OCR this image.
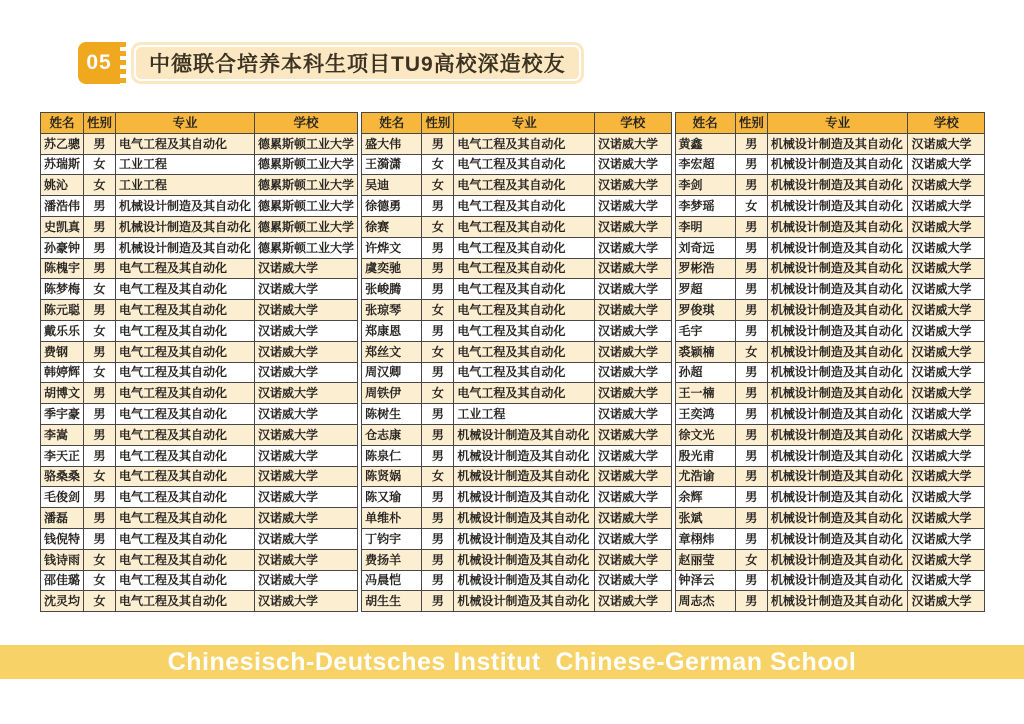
05	中德联合培养本科生项目TU9高校深造校友
姓名	性别	专业	学校
苏乙骢	男	电气工程及其自动化	德累斯顿工业大学
苏瑞斯	女	工业工程	德累斯顿工业大学
姚沁	女	工业工程	德累斯顿工业大学
潘浩伟	男	机械设计制造及其自动化	德累斯顿工业大学
史凯真	男	机械设计制造及其自动化	德累斯顿工业大学
孙豪钟	男	机械设计制造及其自动化	德累斯顿工业大学
陈槐宇	男	电气工程及其自动化	汉诺威大学
陈梦梅	女	电气工程及其自动化	汉诺威大学
陈元聪	男	电气工程及其自动化	汉诺威大学
戴乐乐	女	电气工程及其自动化	汉诺威大学
费钢	男	电气工程及其自动化	汉诺威大学
韩婷辉	女	电气工程及其自动化	汉诺威大学
胡博文	男	电气工程及其自动化	汉诺威大学
季宇豪	男	电气工程及其自动化	汉诺威大学
李嵩	男	电气工程及其自动化	汉诺威大学
李天正	男	电气工程及其自动化	汉诺威大学
骆桑桑	女	电气工程及其自动化	汉诺威大学
毛俊剑	男	电气工程及其自动化	汉诺威大学
潘磊	男	电气工程及其自动化	汉诺威大学
钱倪特	男	电气工程及其自动化	汉诺威大学
钱诗雨	女	电气工程及其自动化	汉诺威大学
邵佳璐	女	电气工程及其自动化	汉诺威大学
沈灵均	女	电气工程及其自动化	汉诺威大学
姓名	性别	专业	学校
盛大伟	男	电气工程及其自动化	汉诺威大学
王漪潇	女	电气工程及其自动化	汉诺威大学
吴迪	女	电气工程及其自动化	汉诺威大学
徐德勇	男	电气工程及其自动化	汉诺威大学
徐赛	女	电气工程及其自动化	汉诺威大学
许烨文	男	电气工程及其自动化	汉诺威大学
虞奕驰	男	电气工程及其自动化	汉诺威大学
张峻腾	男	电气工程及其自动化	汉诺威大学
张琼琴	女	电气工程及其自动化	汉诺威大学
郑康恩	男	电气工程及其自动化	汉诺威大学
郑丝文	女	电气工程及其自动化	汉诺威大学
周汉卿	男	电气工程及其自动化	汉诺威大学
周铁伊	女	电气工程及其自动化	汉诺威大学
陈树生	男	工业工程	汉诺威大学
仓志康	男	机械设计制造及其自动化	汉诺威大学
陈泉仁	男	机械设计制造及其自动化	汉诺威大学
陈贤娲	女	机械设计制造及其自动化	汉诺威大学
陈又瑜	男	机械设计制造及其自动化	汉诺威大学
单维朴	男	机械设计制造及其自动化	汉诺威大学
丁钧宇	男	机械设计制造及其自动化	汉诺威大学
费扬羊	男	机械设计制造及其自动化	汉诺威大学
冯晨恺	男	机械设计制造及其自动化	汉诺威大学
胡生生	男	机械设计制造及其自动化	汉诺威大学
姓名	性别	专业	学校
黄鑫	男	机械设计制造及其自动化	汉诺威大学
李宏超	男	机械设计制造及其自动化	汉诺威大学
李剑	男	机械设计制造及其自动化	汉诺威大学
李梦瑶	女	机械设计制造及其自动化	汉诺威大学
李明	男	机械设计制造及其自动化	汉诺威大学
刘奇远	男	机械设计制造及其自动化	汉诺威大学
罗彬浩	男	机械设计制造及其自动化	汉诺威大学
罗超	男	机械设计制造及其自动化	汉诺威大学
罗俊琪	男	机械设计制造及其自动化	汉诺威大学
毛宇	男	机械设计制造及其自动化	汉诺威大学
裘颖楠	女	机械设计制造及其自动化	汉诺威大学
孙超	男	机械设计制造及其自动化	汉诺威大学
王一楠	男	机械设计制造及其自动化	汉诺威大学
王奕鸿	男	机械设计制造及其自动化	汉诺威大学
徐文光	男	机械设计制造及其自动化	汉诺威大学
殷光甫	男	机械设计制造及其自动化	汉诺威大学
尤浩谕	男	机械设计制造及其自动化	汉诺威大学
余辉	男	机械设计制造及其自动化	汉诺威大学
张斌	男	机械设计制造及其自动化	汉诺威大学
章栩炜	男	机械设计制造及其自动化	汉诺威大学
赵丽莹	女	机械设计制造及其自动化	汉诺威大学
钟泽云	男	机械设计制造及其自动化	汉诺威大学
周志杰	男	机械设计制造及其自动化	汉诺威大学
Chinesisch-Deutsches Institut  Chinese-German School
